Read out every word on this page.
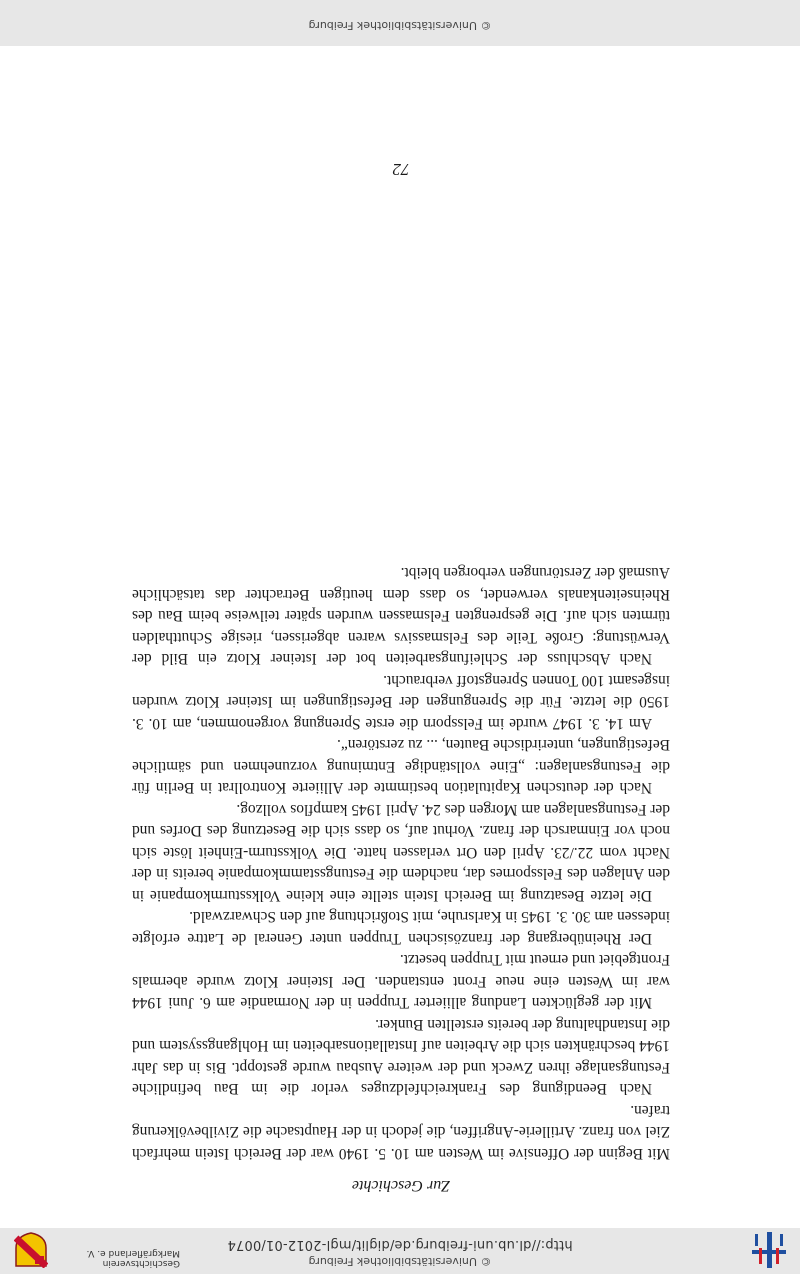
© Universitätsbibliothek Freiburg
http://dl.ub.uni-freiburg.de/diglit/mgl-2012-01/0074
Geschichtsverein Markgräflerland e. V.
Zur Geschichte

Mit Beginn der Offensive im Westen am 10. 5. 1940 war der Bereich Istein mehrfach Ziel von franz. Artillerie-Angriffen, die jedoch in der Hauptsache die Zivilbevölkerung trafen.

Nach Beendigung des Frankreichfeldzuges verlor die im Bau befindliche Festungsanlage ihren Zweck und der weitere Ausbau wurde gestoppt. Bis in das Jahr 1944 beschränkten sich die Arbeiten auf Installationsarbeiten im Hohlgangssystem und die Instandhaltung der bereits erstellten Bunker.

Mit der geglückten Landung alliierter Truppen in der Normandie am 6. Juni 1944 war im Westen eine neue Front entstanden. Der Isteiner Klotz wurde abermals Frontgebiet und erneut mit Truppen besetzt.

Der Rheinübergang der französischen Truppen unter General de Lattre erfolgte indessen am 30. 3. 1945 in Karlsruhe, mit Stoßrichtung auf den Schwarzwald.

Die letzte Besatzung im Bereich Istein stellte eine kleine Volkssturmkompanie in den Anlagen des Felsspornes dar, nachdem die Festungsstammkompanie bereits in der Nacht vom 22./23. April den Ort verlassen hatte. Die Volkssturm-Einheit löste sich noch vor Einmarsch der franz. Vorhut auf, so dass sich die Besetzung des Dorfes und der Festungsanlagen am Morgen des 24. April 1945 kampflos vollzog.

Nach der deutschen Kapitulation bestimmte der Alliierte Kontrollrat in Berlin für die Festungsanlagen: „Eine vollständige Entminung vorzunehmen und sämtliche Befestigungen, unterirdische Bauten, ... zu zerstören“.

Am 14. 3. 1947 wurde im Felssporn die erste Sprengung vorgenommen, am 10. 3. 1950 die letzte. Für die Sprengungen der Befestigungen im Isteiner Klotz wurden insgesamt 100 Tonnen Sprengstoff verbraucht.

Nach Abschluss der Schleifungsarbeiten bot der Isteiner Klotz ein Bild der Verwüstung: Große Teile des Felsmassivs waren abgerissen, riesige Schutthalden türmten sich auf. Die gesprengten Felsmassen wurden später teilweise beim Bau des Rheinseitenkanals verwendet, so dass dem heutigen Betrachter das tatsächliche Ausmaß der Zerstörungen verborgen bleibt.

72
© Universitätsbibliothek Freiburg
